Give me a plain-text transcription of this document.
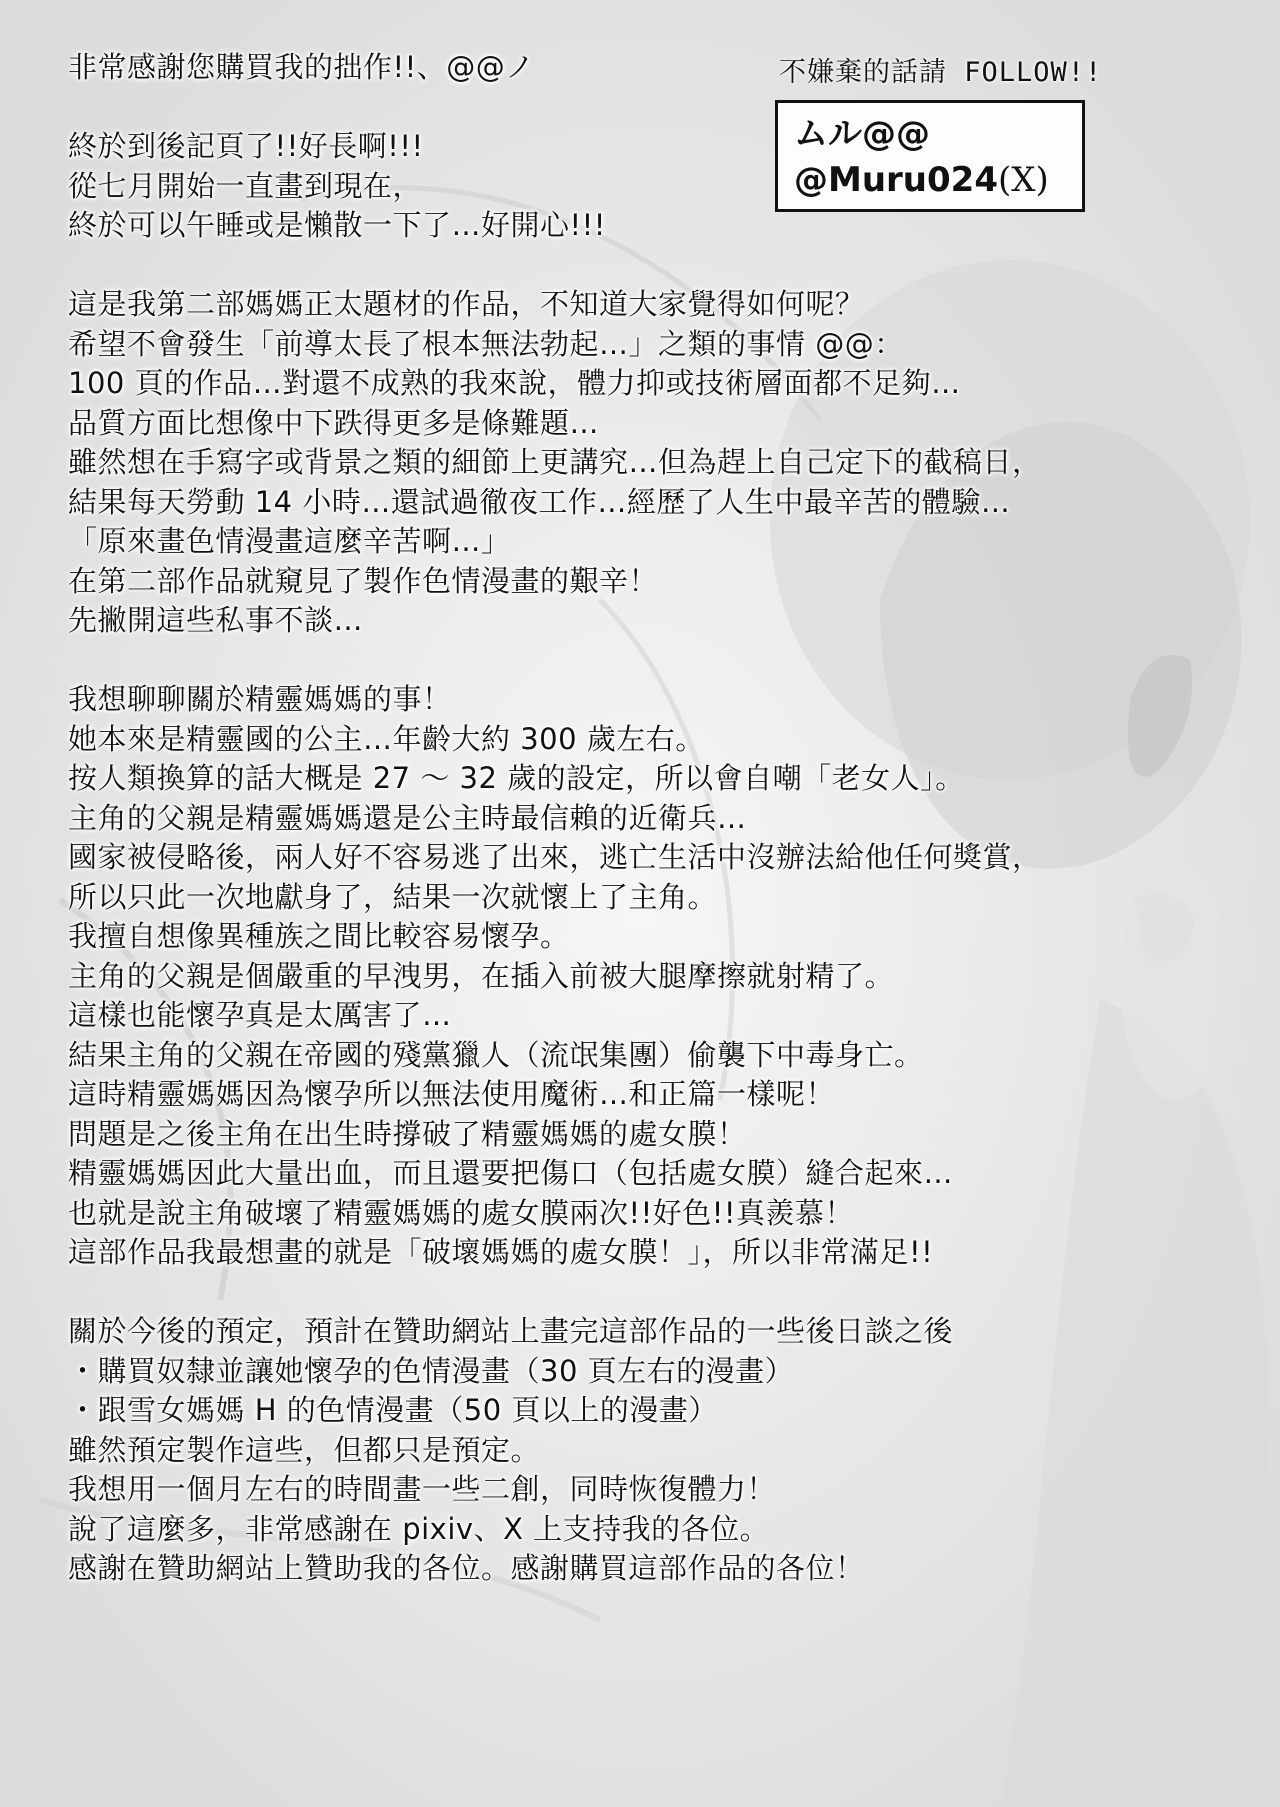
非常感謝您購買我的拙作!!、@@ノ
終於到後記頁了!!好長啊!!!
從七月開始一直畫到現在，
終於可以午睡或是懶散一下了…好開心!!!
這是我第二部媽媽正太題材的作品，不知道大家覺得如何呢？
希望不會發生「前導太長了根本無法勃起…」之類的事情 @@：
100 頁的作品…對還不成熟的我來說，體力抑或技術層面都不足夠…
品質方面比想像中下跌得更多是條難題…
雖然想在手寫字或背景之類的細節上更講究…但為趕上自己定下的截稿日，
結果每天勞動 14 小時…還試過徹夜工作…經歷了人生中最辛苦的體驗…
「原來畫色情漫畫這麼辛苦啊…」
在第二部作品就窺見了製作色情漫畫的艱辛！
先撇開這些私事不談…
我想聊聊關於精靈媽媽的事！
她本來是精靈國的公主…年齡大約 300 歲左右。
按人類換算的話大概是 27 ～ 32 歲的設定，所以會自嘲「老女人」。
主角的父親是精靈媽媽還是公主時最信賴的近衛兵…
國家被侵略後，兩人好不容易逃了出來，逃亡生活中沒辦法給他任何獎賞，
所以只此一次地獻身了，結果一次就懷上了主角。
我擅自想像異種族之間比較容易懷孕。
主角的父親是個嚴重的早洩男，在插入前被大腿摩擦就射精了。
這樣也能懷孕真是太厲害了…
結果主角的父親在帝國的殘黨獵人（流氓集團）偷襲下中毒身亡。
這時精靈媽媽因為懷孕所以無法使用魔術…和正篇一樣呢！
問題是之後主角在出生時撐破了精靈媽媽的處女膜！
精靈媽媽因此大量出血，而且還要把傷口（包括處女膜）縫合起來…
也就是說主角破壞了精靈媽媽的處女膜兩次!!好色!!真羨慕！
這部作品我最想畫的就是「破壞媽媽的處女膜！」，所以非常滿足!!
關於今後的預定，預計在贊助網站上畫完這部作品的一些後日談之後
・購買奴隸並讓她懷孕的色情漫畫（30 頁左右的漫畫）
・跟雪女媽媽 H 的色情漫畫（50 頁以上的漫畫）
雖然預定製作這些，但都只是預定。
我想用一個月左右的時間畫一些二創，同時恢復體力！
說了這麼多，非常感謝在 pixiv、X 上支持我的各位。
感謝在贊助網站上贊助我的各位。感謝購買這部作品的各位！
不嫌棄的話請 FOLLOW!!
ムル@@
@Muru024(X)
